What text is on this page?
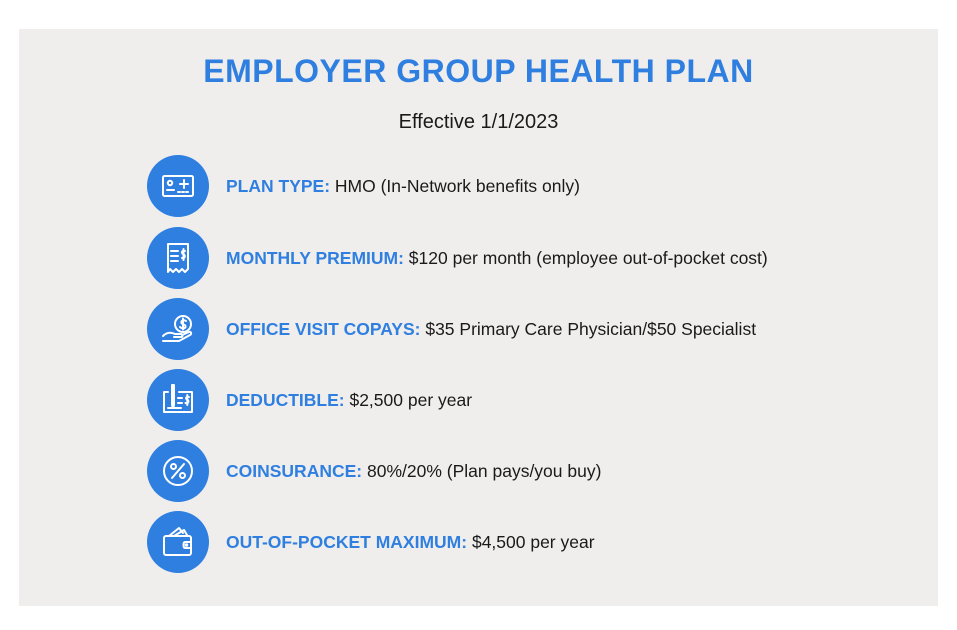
EMPLOYER GROUP HEALTH PLAN
Effective 1/1/2023
PLAN TYPE: HMO (In-Network benefits only)
MONTHLY PREMIUM: $120 per month (employee out-of-pocket cost)
OFFICE VISIT COPAYS: $35 Primary Care Physician/$50 Specialist
DEDUCTIBLE: $2,500 per year
COINSURANCE: 80%/20% (Plan pays/you buy)
OUT-OF-POCKET MAXIMUM: $4,500 per year
